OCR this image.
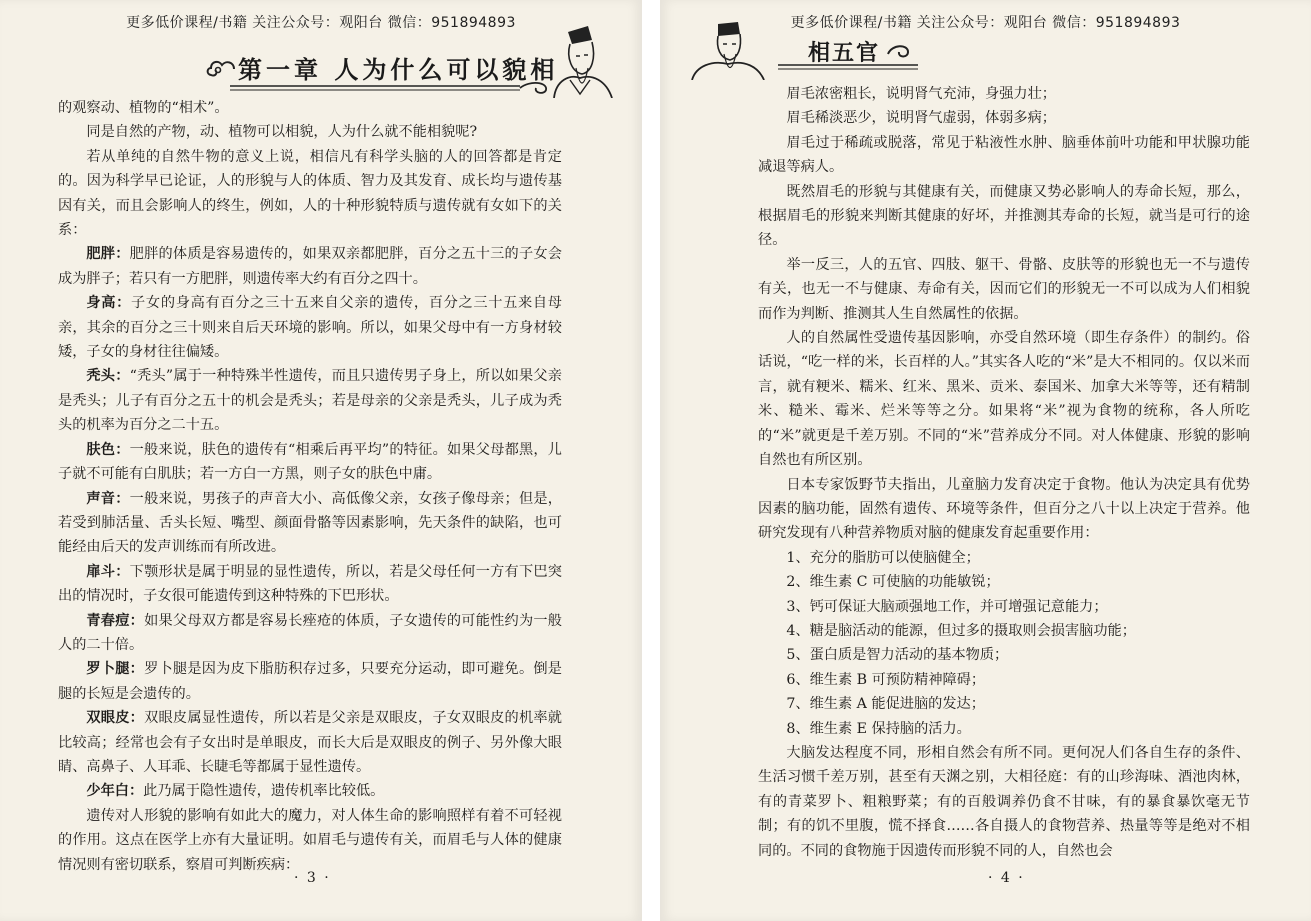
更多低价课程/书籍 关注公众号：观阳台 微信：951894893
第一章 人为什么可以貌相

的观察动、植物的“相术”。

同是自然的产物，动、植物可以相貌，人为什么就不能相貌呢?

若从单纯的自然牛物的意义上说，相信凡有科学头脑的人的回答都是肯定的。因为科学早已论证，人的形貌与人的体质、智力及其发育、成长均与遗传基因有关，而且会影响人的终生，例如，人的十种形貌特质与遗传就有女如下的关系：

肥胖：肥胖的体质是容易遗传的，如果双亲都肥胖，百分之五十三的子女会成为胖子；若只有一方肥胖，则遗传率大约有百分之四十。

身高：子女的身高有百分之三十五来自父亲的遗传，百分之三十五来自母亲，其余的百分之三十则来自后天环境的影响。所以，如果父母中有一方身材较矮，子女的身材往往偏矮。

秃头：“秃头”属于一种特殊半性遗传，而且只遗传男子身上，所以如果父亲是秃头；儿子有百分之五十的机会是秃头；若是母亲的父亲是秃头，儿子成为秃头的机率为百分之二十五。

肤色：一般来说，肤色的遗传有“相乘后再平均”的特征。如果父母都黑，儿子就不可能有白肌肤；若一方白一方黑，则子女的肤色中庸。

声音：一般来说，男孩子的声音大小、高低像父亲，女孩子像母亲；但是，若受到肺活量、舌头长短、嘴型、颜面骨骼等因素影响，先天条件的缺陷，也可能经由后天的发声训练而有所改进。

扉斗：下颚形状是属于明显的显性遗传，所以，若是父母任何一方有下巴突出的情况时，子女很可能遗传到这种特殊的下巴形状。

青春痘：如果父母双方都是容易长痤疮的体质，子女遗传的可能性约为一般人的二十倍。

罗卜腿：罗卜腿是因为皮下脂肪积存过多，只要充分运动，即可避免。倒是腿的长短是会遗传的。

双眼皮：双眼皮属显性遗传，所以若是父亲是双眼皮，子女双眼皮的机率就比较高；经常也会有子女出时是单眼皮，而长大后是双眼皮的例子、另外像大眼睛、高鼻子、人耳乖、长睫毛等都属于显性遗传。

少年白：此乃属于隐性遗传，遗传机率比较低。

遗传对人形貌的影响有如此大的魔力，对人体生命的影响照样有着不可轻视的作用。这点在医学上亦有大量证明。如眉毛与遗传有关，而眉毛与人体的健康情况则有密切联系，察眉可判断疾病：

· 3 ·
更多低价课程/书籍 关注公众号：观阳台 微信：951894893
相五官

眉毛浓密粗长，说明肾气充沛，身强力壮；

眉毛稀淡恶少，说明肾气虚弱，体弱多病；

眉毛过于稀疏或脱落，常见于粘液性水肿、脑垂体前叶功能和甲状腺功能减退等病人。

既然眉毛的形貌与其健康有关，而健康又势必影响人的寿命长短，那么，根据眉毛的形貌来判断其健康的好坏，并推测其寿命的长短，就当是可行的途径。

举一反三，人的五官、四肢、躯干、骨骼、皮肤等的形貌也无一不与遗传有关，也无一不与健康、寿命有关，因而它们的形貌无一不可以成为人们相貌而作为判断、推测其人生自然属性的依据。

人的自然属性受遗传基因影响，亦受自然环境（即生存条件）的制约。俗话说，“吃一样的米，长百样的人。”其实各人吃的“米”是大不相同的。仅以米而言，就有粳米、糯米、红米、黑米、贡米、泰国米、加拿大米等等，还有精制米、糙米、霉米、烂米等等之分。如果将“米”视为食物的统称，各人所吃的“米”就更是千差万别。不同的“米”营养成分不同。对人体健康、形貌的影响自然也有所区别。

日本专家饭野节夫指出，儿童脑力发育决定于食物。他认为决定具有优势因素的脑功能，固然有遗传、环境等条件，但百分之八十以上决定于营养。他研究发现有八种营养物质对脑的健康发育起重要作用：

1、充分的脂肪可以使脑健全；

2、维生素 C 可使脑的功能敏锐；

3、钙可保证大脑顽强地工作，并可增强记意能力；

4、糖是脑活动的能源，但过多的摄取则会损害脑功能；

5、蛋白质是智力活动的基本物质；

6、维生素 B 可预防精神障碍；

7、维生素 A 能促进脑的发达；

8、维生素 E 保持脑的活力。

大脑发达程度不同，形相自然会有所不同。更何况人们各自生存的条件、生活习惯千差万别，甚至有天渊之别，大相径庭：有的山珍海味、酒池肉林，有的青菜罗卜、粗粮野菜；有的百般调养仍食不甘味，有的暴食暴饮毫无节制；有的饥不里腹，慌不择食……各自摄人的食物营养、热量等等是绝对不相同的。不同的食物施于因遗传而形貌不同的人，自然也会

· 4 ·
